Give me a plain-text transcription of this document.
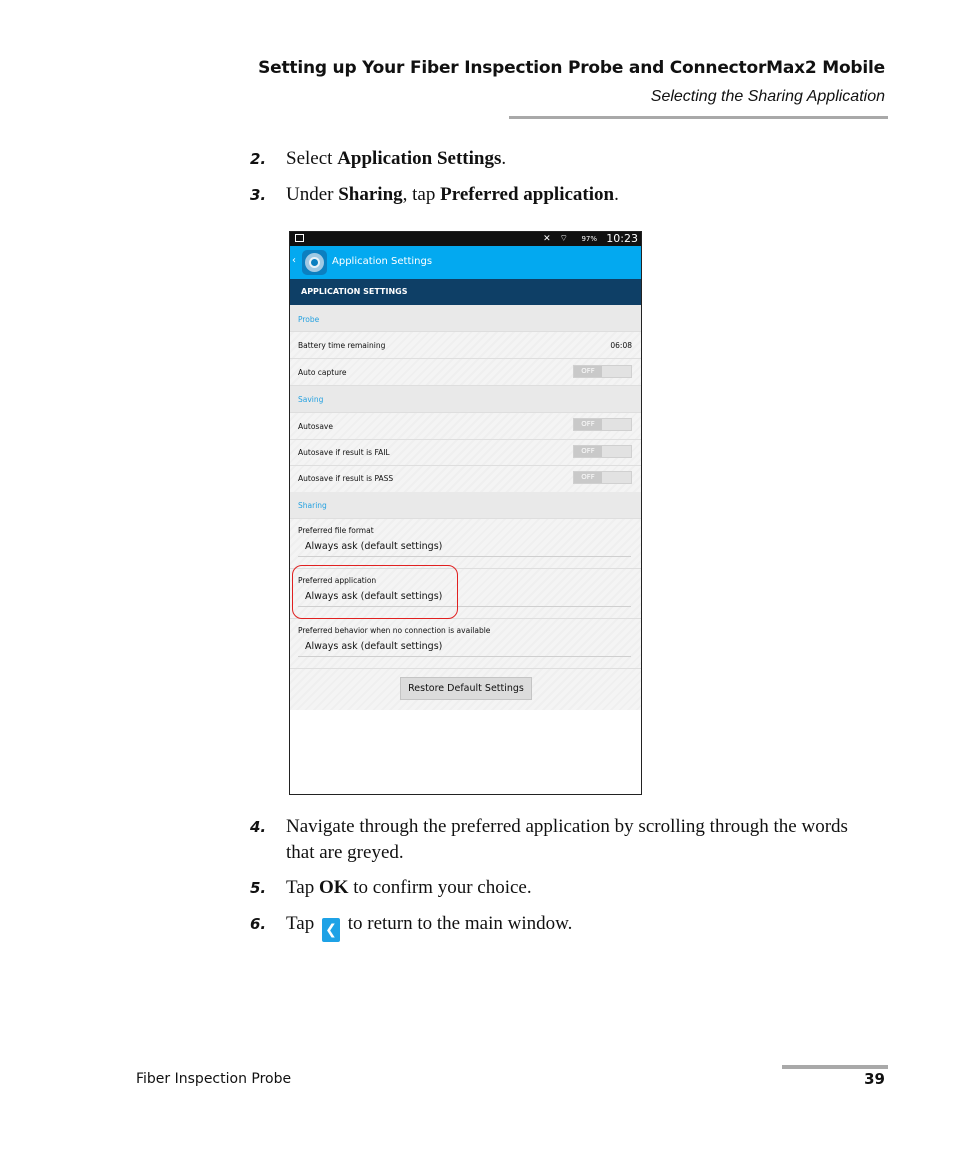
Setting up Your Fiber Inspection Probe and ConnectorMax2 Mobile
Selecting the Sharing Application
2.	Select Application Settings.
3.	Under Sharing, tap Preferred application.
✕ ⌔ 97% 10:23
‹	Application Settings
APPLICATION SETTINGS
Probe
Battery time remaining	06:08
Auto capture	OFF
Saving
Autosave	OFF
Autosave if result is FAIL	OFF
Autosave if result is PASS	OFF
Sharing
Preferred file format
Always ask (default settings)
Preferred application
Always ask (default settings)
Preferred behavior when no connection is available
Always ask (default settings)
Restore Default Settings
4.	Navigate through the preferred application by scrolling through the words that are greyed.
5.	Tap OK to confirm your choice.
6.	Tap ❮ to return to the main window.
Fiber Inspection Probe	39
